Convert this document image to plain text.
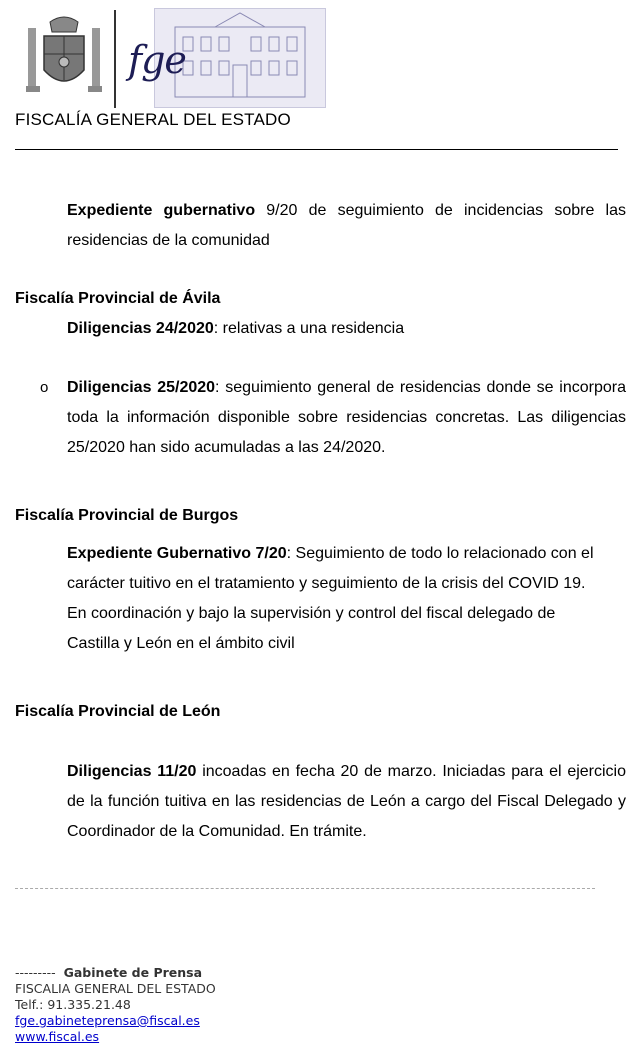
fge
FISCALÍA GENERAL DEL ESTADO
Expediente gubernativo 9/20 de seguimiento de incidencias sobre las residencias de la comunidad
Fiscalía Provincial de Ávila
Diligencias 24/2020: relativas a una residencia
o Diligencias 25/2020: seguimiento general de residencias donde se incorpora toda la información disponible sobre residencias concretas. Las diligencias 25/2020 han sido acumuladas a las 24/2020.
Fiscalía Provincial de Burgos
Expediente Gubernativo 7/20: Seguimiento de todo lo relacionado con el carácter tuitivo en el tratamiento y seguimiento de la crisis del COVID 19. En coordinación y bajo la supervisión y control del fiscal delegado de Castilla y León en el ámbito civil
Fiscalía Provincial de León
Diligencias 11/20 incoadas en fecha 20 de marzo. Iniciadas para el ejercicio de la función tuitiva en las residencias de León a cargo del Fiscal Delegado y Coordinador de la Comunidad. En trámite.
--------- Gabinete de Prensa
FISCALIA GENERAL DEL ESTADO
Telf.: 91.335.21.48
fge.gabineteprensa@fiscal.es
www.fiscal.es
